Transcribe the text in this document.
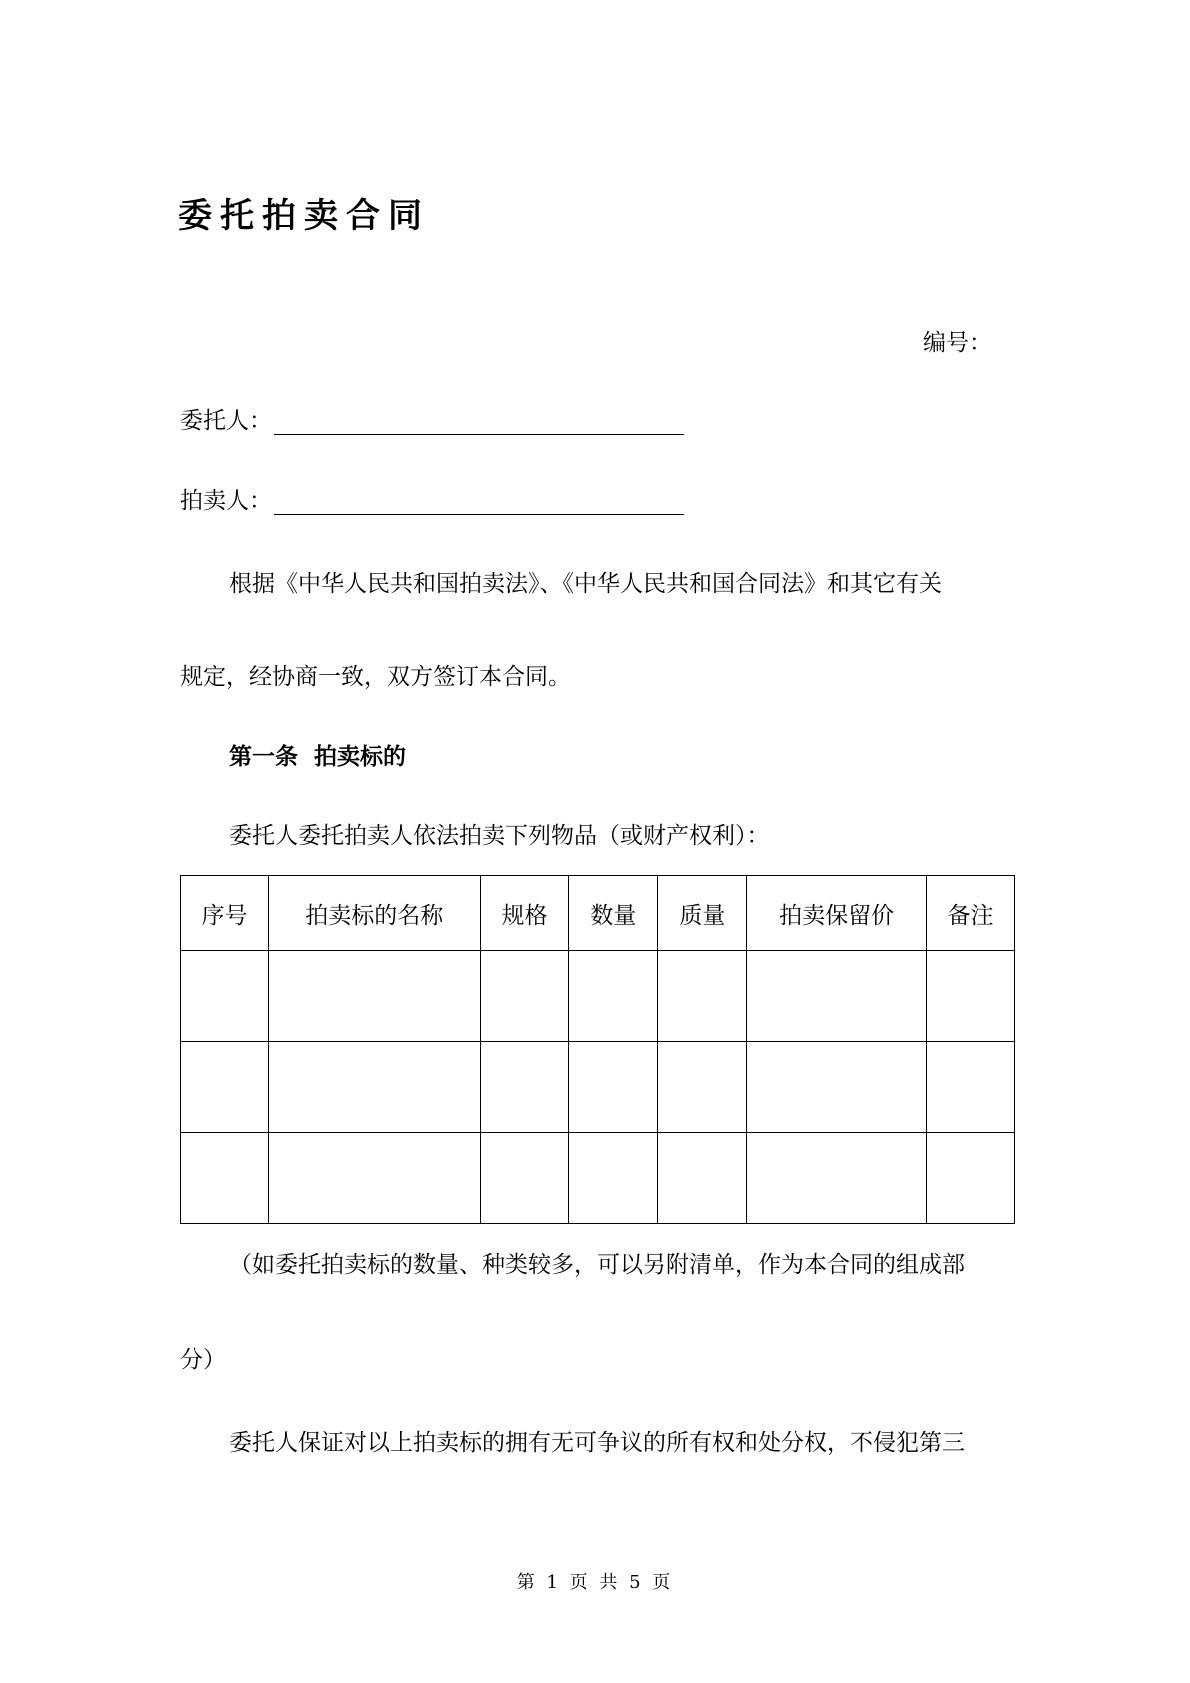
委托拍卖合同
编号：
委托人：
拍卖人：
根据《中华人民共和国拍卖法》、《中华人民共和国合同法》和其它有关
规定，经协商一致，双方签订本合同。
第一条  拍卖标的
委托人委托拍卖人依法拍卖下列物品（或财产权利）：
序号	拍卖标的名称	规格	数量	质量	拍卖保留价	备注

（如委托拍卖标的数量、种类较多，可以另附清单，作为本合同的组成部
分）
委托人保证对以上拍卖标的拥有无可争议的所有权和处分权，不侵犯第三
第 1 页 共 5 页
